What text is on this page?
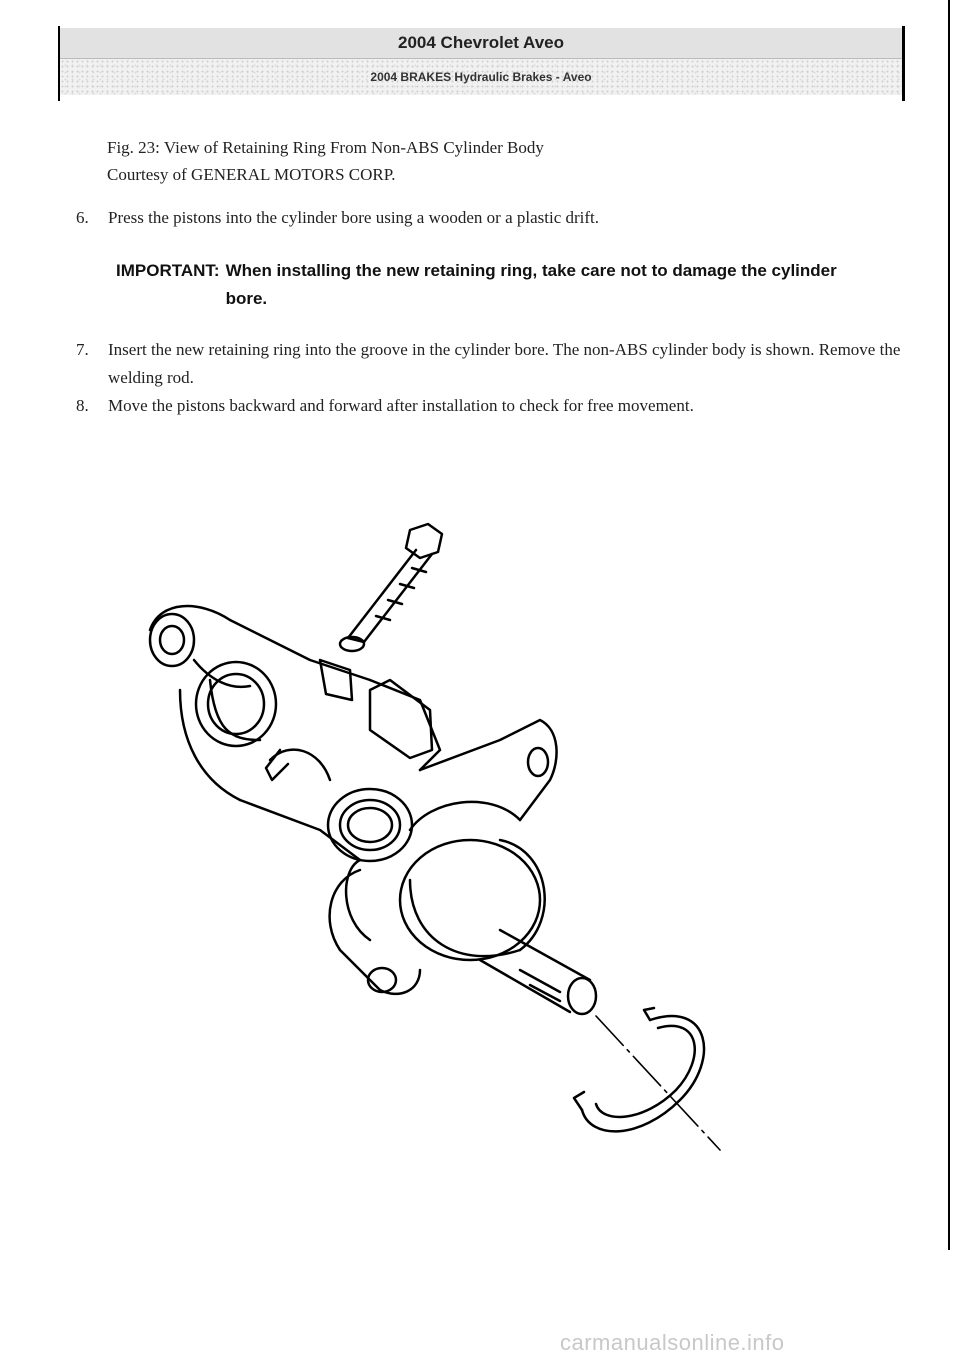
2004 Chevrolet Aveo
2004 BRAKES Hydraulic Brakes - Aveo
Fig. 23: View of Retaining Ring From Non-ABS Cylinder Body
Courtesy of GENERAL MOTORS CORP.
6.	Press the pistons into the cylinder bore using a wooden or a plastic drift.
IMPORTANT: When installing the new retaining ring, take care not to damage the cylinder bore.
7.	Insert the new retaining ring into the groove in the cylinder bore. The non-ABS cylinder body is shown. Remove the welding rod.
8.	Move the pistons backward and forward after installation to check for free movement.
carmanualsonline.info
